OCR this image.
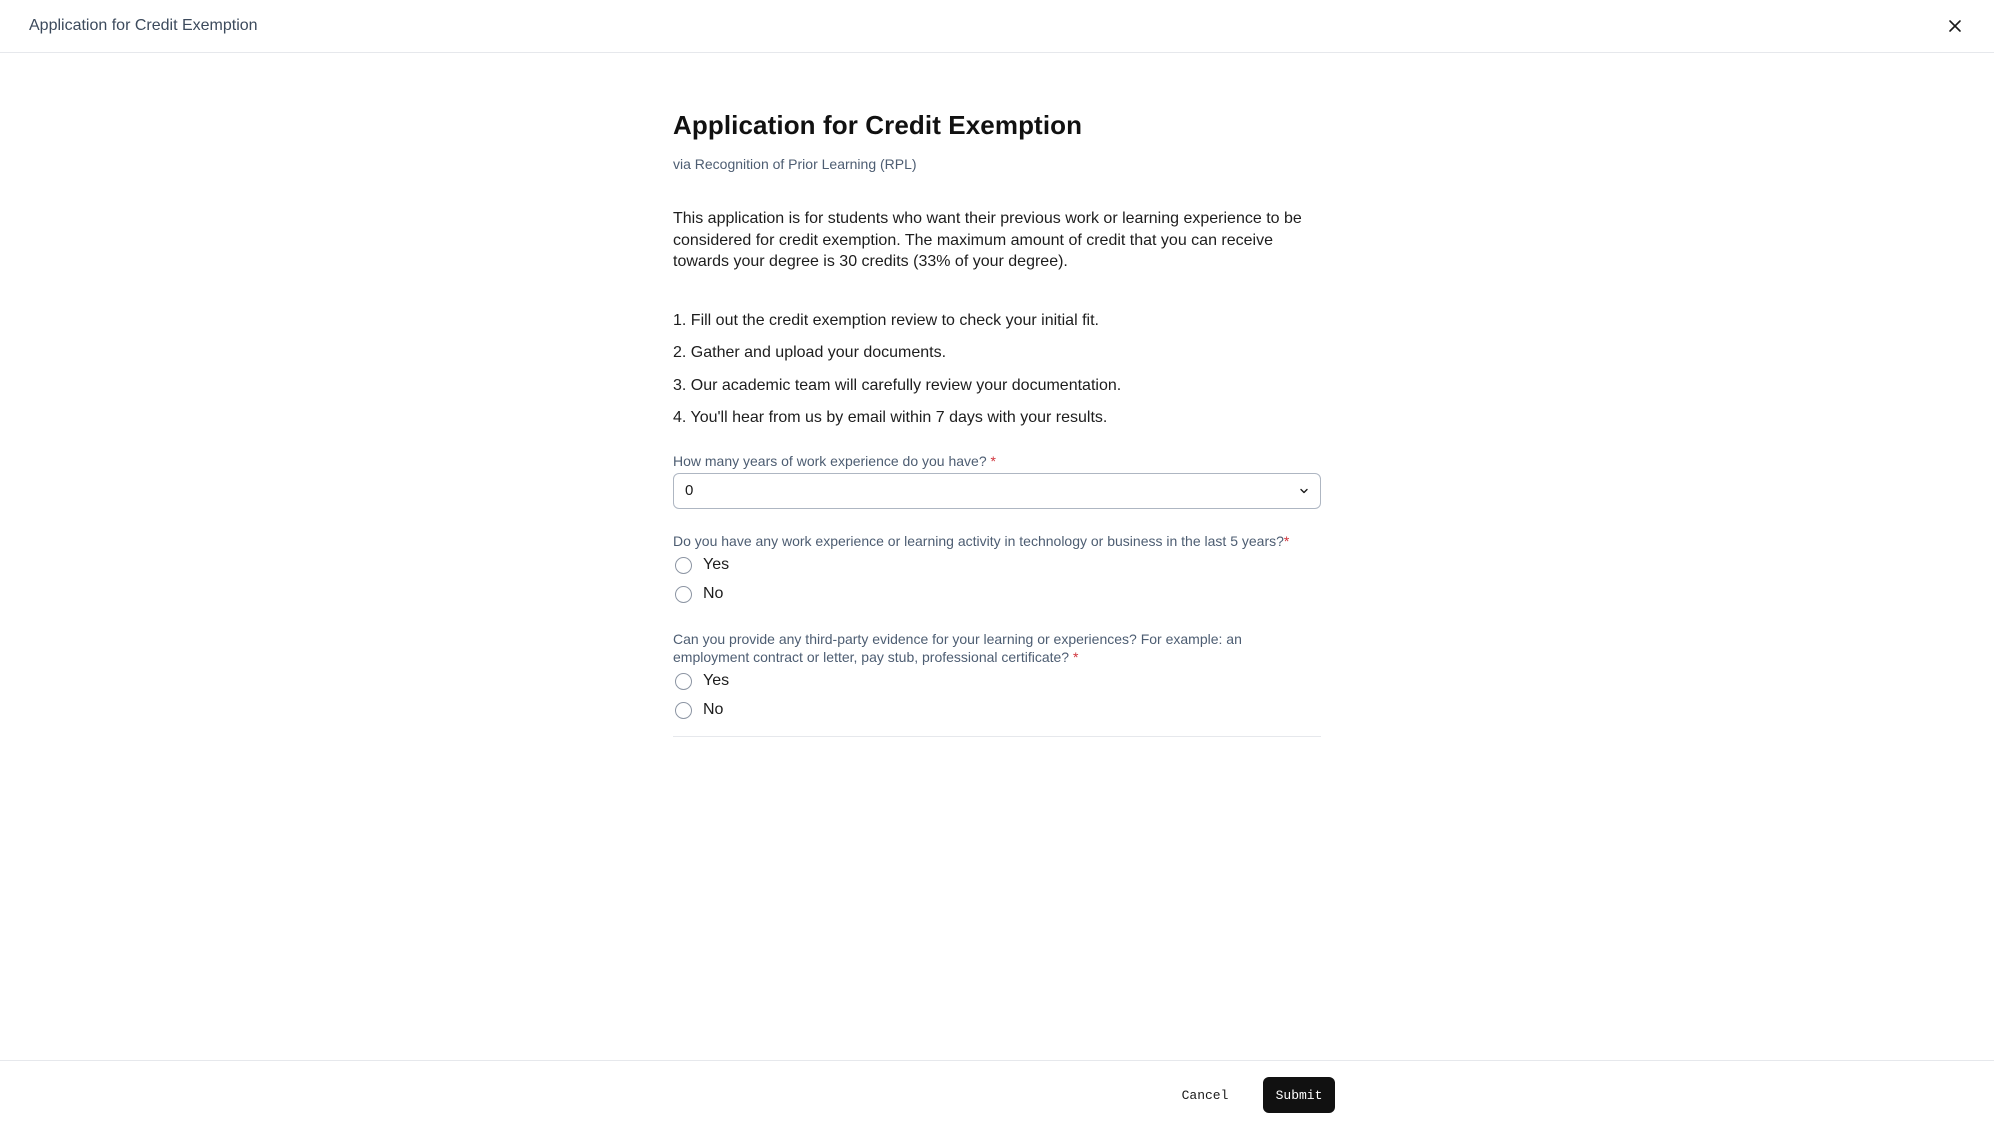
Application for Credit Exemption
Application for Credit Exemption

via Recognition of Prior Learning (RPL)

This application is for students who want their previous work or learning experience to be considered for credit exemption. The maximum amount of credit that you can receive towards your degree is 30 credits (33% of your degree).

1. Fill out the credit exemption review to check your initial fit.
2. Gather and upload your documents.
3. Our academic team will carefully review your documentation.
4. You'll hear from us by email within 7 days with your results.
How many years of work experience do you have? *
0
Do you have any work experience or learning activity in technology or business in the last 5 years?*
Yes
No
Can you provide any third-party evidence for your learning or experiences? For example: an employment contract or letter, pay stub, professional certificate? *
Yes
No
Cancel	Submit
